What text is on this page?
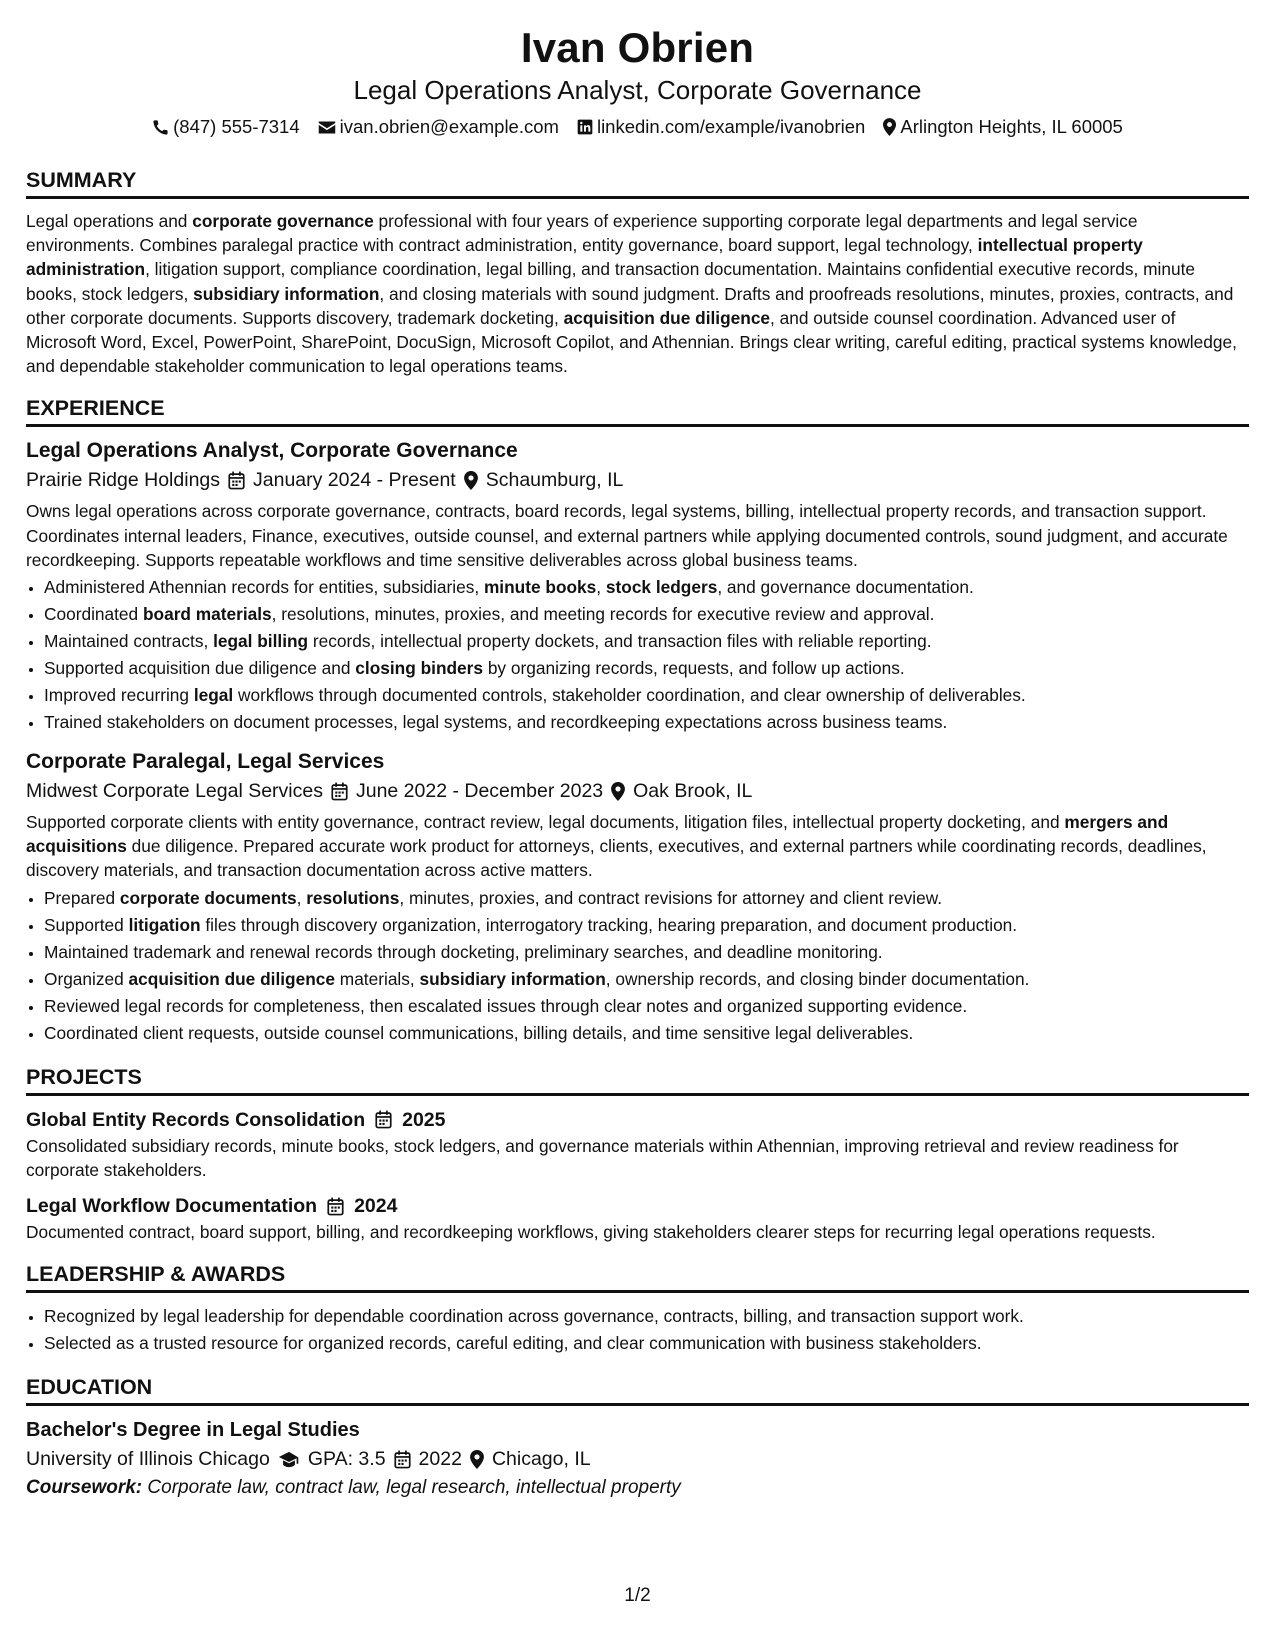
Ivan Obrien
Legal Operations Analyst, Corporate Governance
(847) 555-7314 ivan.obrien@example.com linkedin.com/example/ivanobrien Arlington Heights, IL 60005
SUMMARY

Legal operations and corporate governance professional with four years of experience supporting corporate legal departments and legal service environments. Combines paralegal practice with contract administration, entity governance, board support, legal technology, intellectual property administration, litigation support, compliance coordination, legal billing, and transaction documentation. Maintains confidential executive records, minute books, stock ledgers, subsidiary information, and closing materials with sound judgment. Drafts and proofreads resolutions, minutes, proxies, contracts, and other corporate documents. Supports discovery, trademark docketing, acquisition due diligence, and outside counsel coordination. Advanced user of Microsoft Word, Excel, PowerPoint, SharePoint, DocuSign, Microsoft Copilot, and Athennian. Brings clear writing, careful editing, practical systems knowledge, and dependable stakeholder communication to legal operations teams.

EXPERIENCE
Legal Operations Analyst, Corporate Governance
Prairie Ridge Holdings January 2024 - Present Schaumburg, IL

Owns legal operations across corporate governance, contracts, board records, legal systems, billing, intellectual property records, and transaction support. Coordinates internal leaders, Finance, executives, outside counsel, and external partners while applying documented controls, sound judgment, and accurate recordkeeping. Supports repeatable workflows and time sensitive deliverables across global business teams.

• Administered Athennian records for entities, subsidiaries, minute books, stock ledgers, and governance documentation.
• Coordinated board materials, resolutions, minutes, proxies, and meeting records for executive review and approval.
• Maintained contracts, legal billing records, intellectual property dockets, and transaction files with reliable reporting.
• Supported acquisition due diligence and closing binders by organizing records, requests, and follow up actions.
• Improved recurring legal workflows through documented controls, stakeholder coordination, and clear ownership of deliverables.
• Trained stakeholders on document processes, legal systems, and recordkeeping expectations across business teams.
Corporate Paralegal, Legal Services
Midwest Corporate Legal Services June 2022 - December 2023 Oak Brook, IL

Supported corporate clients with entity governance, contract review, legal documents, litigation files, intellectual property docketing, and mergers and acquisitions due diligence. Prepared accurate work product for attorneys, clients, executives, and external partners while coordinating records, deadlines, discovery materials, and transaction documentation across active matters.

• Prepared corporate documents, resolutions, minutes, proxies, and contract revisions for attorney and client review.
• Supported litigation files through discovery organization, interrogatory tracking, hearing preparation, and document production.
• Maintained trademark and renewal records through docketing, preliminary searches, and deadline monitoring.
• Organized acquisition due diligence materials, subsidiary information, ownership records, and closing binder documentation.
• Reviewed legal records for completeness, then escalated issues through clear notes and organized supporting evidence.
• Coordinated client requests, outside counsel communications, billing details, and time sensitive legal deliverables.
PROJECTS
Global Entity Records Consolidation 2025

Consolidated subsidiary records, minute books, stock ledgers, and governance materials within Athennian, improving retrieval and review readiness for corporate stakeholders.

Legal Workflow Documentation 2024

Documented contract, board support, billing, and recordkeeping workflows, giving stakeholders clearer steps for recurring legal operations requests.

LEADERSHIP & AWARDS
• Recognized by legal leadership for dependable coordination across governance, contracts, billing, and transaction support work.
• Selected as a trusted resource for organized records, careful editing, and clear communication with business stakeholders.
EDUCATION
Bachelor's Degree in Legal Studies
University of Illinois Chicago GPA: 3.5 2022 Chicago, IL
Coursework: Corporate law, contract law, legal research, intellectual property
1/2
